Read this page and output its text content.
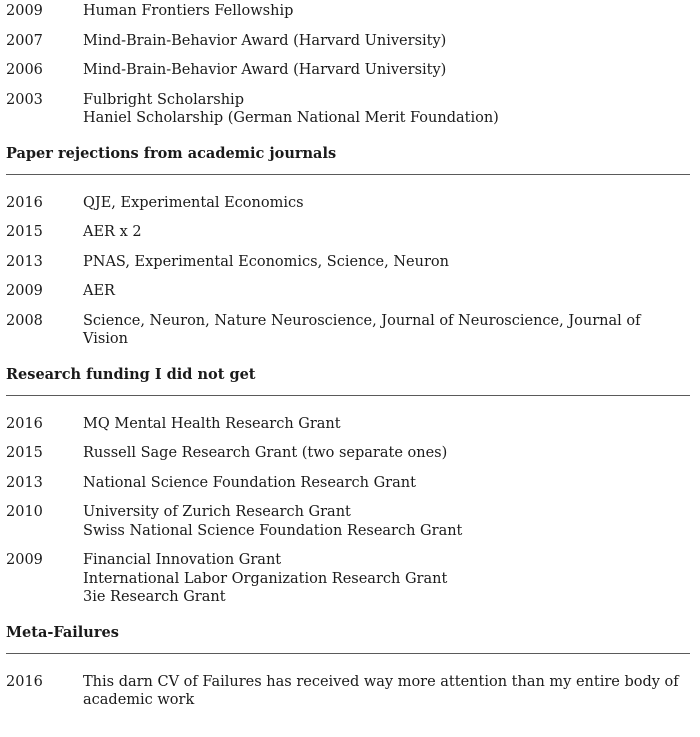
2009	Human Frontiers Fellowship
2007	Mind-Brain-Behavior Award (Harvard University)
2006	Mind-Brain-Behavior Award (Harvard University)
2003	Fulbright Scholarship
Haniel Scholarship (German National Merit Foundation)
Paper rejections from academic journals
2016	QJE, Experimental Economics
2015	AER x 2
2013	PNAS, Experimental Economics, Science, Neuron
2009	AER
2008	Science, Neuron, Nature Neuroscience, Journal of Neuroscience, Journal of Vision
Research funding I did not get
2016	MQ Mental Health Research Grant
2015	Russell Sage Research Grant (two separate ones)
2013	National Science Foundation Research Grant
2010	University of Zurich Research Grant
Swiss National Science Foundation Research Grant
2009	Financial Innovation Grant
International Labor Organization Research Grant
3ie Research Grant
Meta-Failures
2016	This darn CV of Failures has received way more attention than my entire body of academic work
